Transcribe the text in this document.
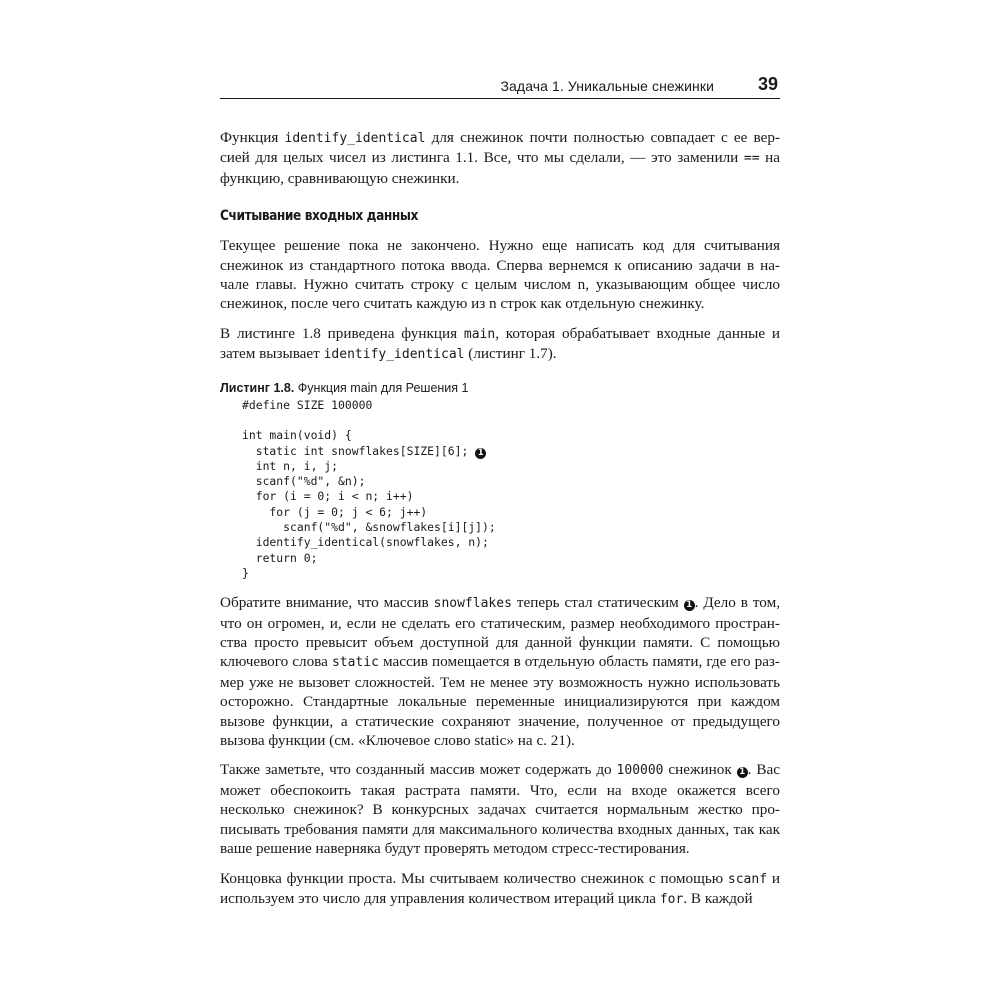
Задача 1. Уникальные снежинки 39

Функция identify_identical для снежинок почти полностью совпадает с ее вер-сией для целых чисел из листинга 1.1. Все, что мы сделали, — это заменили == на функцию, сравнивающую снежинки.

Считывание входных данных

Текущее решение пока не закончено. Нужно еще написать код для считывания снежинок из стандартного потока ввода. Сперва вернемся к описанию задачи в на-чале главы. Нужно считать строку с целым числом n, указывающим общее число снежинок, после чего считать каждую из n строк как отдельную снежинку.

В листинге 1.8 приведена функция main, которая обрабатывает входные данные и затем вызывает identify_identical (листинг 1.7).

Листинг 1.8. Функция main для Решения 1
#define SIZE 100000

int main(void) {
static int snowflakes[SIZE][6]; 1
int n, i, j;
scanf("%d", &n);
for (i = 0; i < n; i++)
for (j = 0; j < 6; j++)
scanf("%d", &snowflakes[i][j]);
identify_identical(snowflakes, n);
return 0;
}

Обратите внимание, что массив snowflakes теперь стал статическим 1 . Дело в том, что он огромен, и, если не сделать его статическим, размер необходимого простран-ства просто превысит объем доступной для данной функции памяти. С помощью ключевого слова static массив помещается в отдельную область памяти, где его раз-мер уже не вызовет сложностей. Тем не менее эту возможность нужно использовать осторожно. Стандартные локальные переменные инициализируются при каждом вызове функции, а статические сохраняют значение, полученное от предыдущего вызова функции (см. «Ключевое слово static» на с. 21).

Также заметьте, что созданный массив может содержать до 100000 снежинок 1 . Вас может обеспокоить такая растрата памяти. Что, если на входе окажется всего несколько снежинок? В конкурсных задачах считается нормальным жестко про-писывать требования памяти для максимального количества входных данных, так как ваше решение наверняка будут проверять методом стресс-тестирования.

Концовка функции проста. Мы считываем количество снежинок с помощью scanf и используем это число для управления количеством итераций цикла for. В каждой
